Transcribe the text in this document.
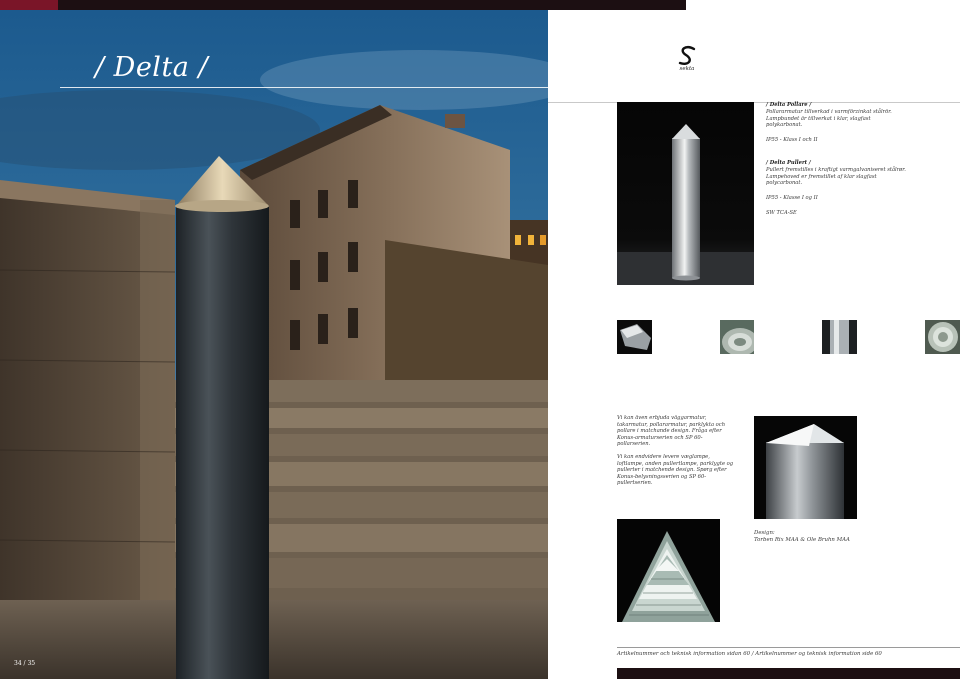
/ Delta /
34 / 35
sekta

/ Delta Pollare /

Pollararmatur tillverkad i varmförzinkat stålrör. Lampbundet är tillverkat i klar, slagfast polykarbonat.

IP55 - Klass I och II

/ Delta Pullert /

Pullert fremstilles i kraftigt varmgalvaniseret stålrør. Lampehoved er fremstillet af klar slagfast polycarbonat.

IP55 - Klasse I og II

SW TCA-SE

Vi kan även erbjuda väggarmatur, takarmatur, pollararmatur, parklykta och pollare i matchande design. Fråga efter Konus-armaturserien och SP 60-pollarserien.

Vi kan endvidere levere væglampe, loftlampe, anden pullertlampe, parklygte og pullerter i matchende design. Spørg efter Konus-belysningsserien og SP 60-pullertserien.

Design:
Torben Rix MAA & Ole Bruhn MAA
Artikelnummer och teknisk information sidan 60 / Artikelnummer og teknisk information side 60
